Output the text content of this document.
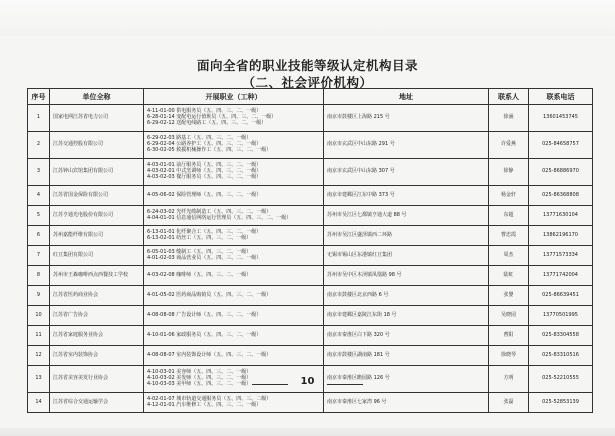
面向全省的职业技能等级认定机构目录
（二、社会评价机构）
序号	单位全称	开展职业（工种）	地址	联系人	联系电话
1	国家电网江苏省电力公司	4-11-01-00 供电服务员（五、四、三、二、一级）
6-28-01-14 变配电运行值班员（五、四、三、二、一级）
6-29-02-12 送配电线路工（五、四、三、二、一级）	南京市鼓楼区上海路 215 号	徐涵	13601453745
2	江苏交通控股有限公司	6-29-02-03 路基工（五、四、三、二、一级）
6-29-02-04 公路养护工（五、四、三、二、一级）
6-30-02-05 救援机械操作工（五、四、三、二、一级）	南京市玄武区中山东路 291 号	许爱燕	025-84658757
3	江苏钟山宾馆集团有限公司	4-03-01-01 前厅服务员（五、四、三、二、一级）
4-03-02-01 中式烹调师（五、四、三、二、一级）
4-03-02-03 餐厅服务员（五、四、三、二、一级）	南京市玄武区中山东路 307 号	徐静	025-86886970
4	江苏省国金保险有限公司	4-05-06-02 保险管理师（五、四、三、二、一级）	南京市建邺区江东中路 373 号	杨金轩	025-86368808
5	江苏亨通光电股份有限公司	6-24-03-02 光纤光缆制造工（五、四、三、二、一级）
4-04-01-01 信息通信网络运行管理员（五、四、三、二、一级）	苏州市吴江区七都镇亨通大道 88 号	东超	13771630104
6	苏州嘉能纤维有限公司	6-13-01-01 化纤聚合工（五、四、三、二、一级）
6-13-02-01 纺丝工（五、四、三、二、一级）	苏州市吴江区盛泽镇西二环路	曹忠霞	13862196170
7	红豆集团有限公司	6-05-01-03 缝制工（五、四、三、二、一级）
4-01-02-03 商品营业员（五、四、三、二、一级）	无锡市锡山区东港镇红豆集团	周杰	13771573334
8	苏州市王森咖啡西点西餐技工学校	4-03-02-08 咖啡师（五、四、三、二、一级）	苏州市吴中区木渎镇凤凰路 98 号	陆虹	13771742004
9	江苏省医药商业协会	4-01-05-02 医药商品购销员（五、四、三、二、一级）	南京市鼓楼区北京西路 6 号	张婴	025-86639451
10	江苏省广告协会	4-08-08-08 广告设计师（五、四、三、二、一级）	南京市建邺区嘉陵江东街 18 号	吴晓园	13770501995
11	江苏省家庭服务业协会	4-10-01-06 家政服务员（五、四、三、二、一级）	南京市秦淮区白下路 320 号	曹阳	025-83304558
12	江苏省室内装饰协会	4-08-08-07 室内装饰设计师（五、四、三、二、一级）	南京市鼓楼区湖南路 181 号	徐晓琴	025-83310516
13	江苏省美容美发行业协会	4-10-03-01 美容师（五、四、三、二、一级）
4-10-03-02 美发师（五、四、三、二、一级）
4-10-03-03 美甲师（五、四、三、二、一级）	南京市秦淮区瞻园路 126 号	方明	025-52210555
14	江苏省综合交通运输学会	4-02-01-07 城市轨道交通服务员（五、四、三、二级）
4-12-01-01 汽车维修工（五、四、三、二、一级）	南京市秦淮区七家湾 96 号	张磊	025-52853139
10
